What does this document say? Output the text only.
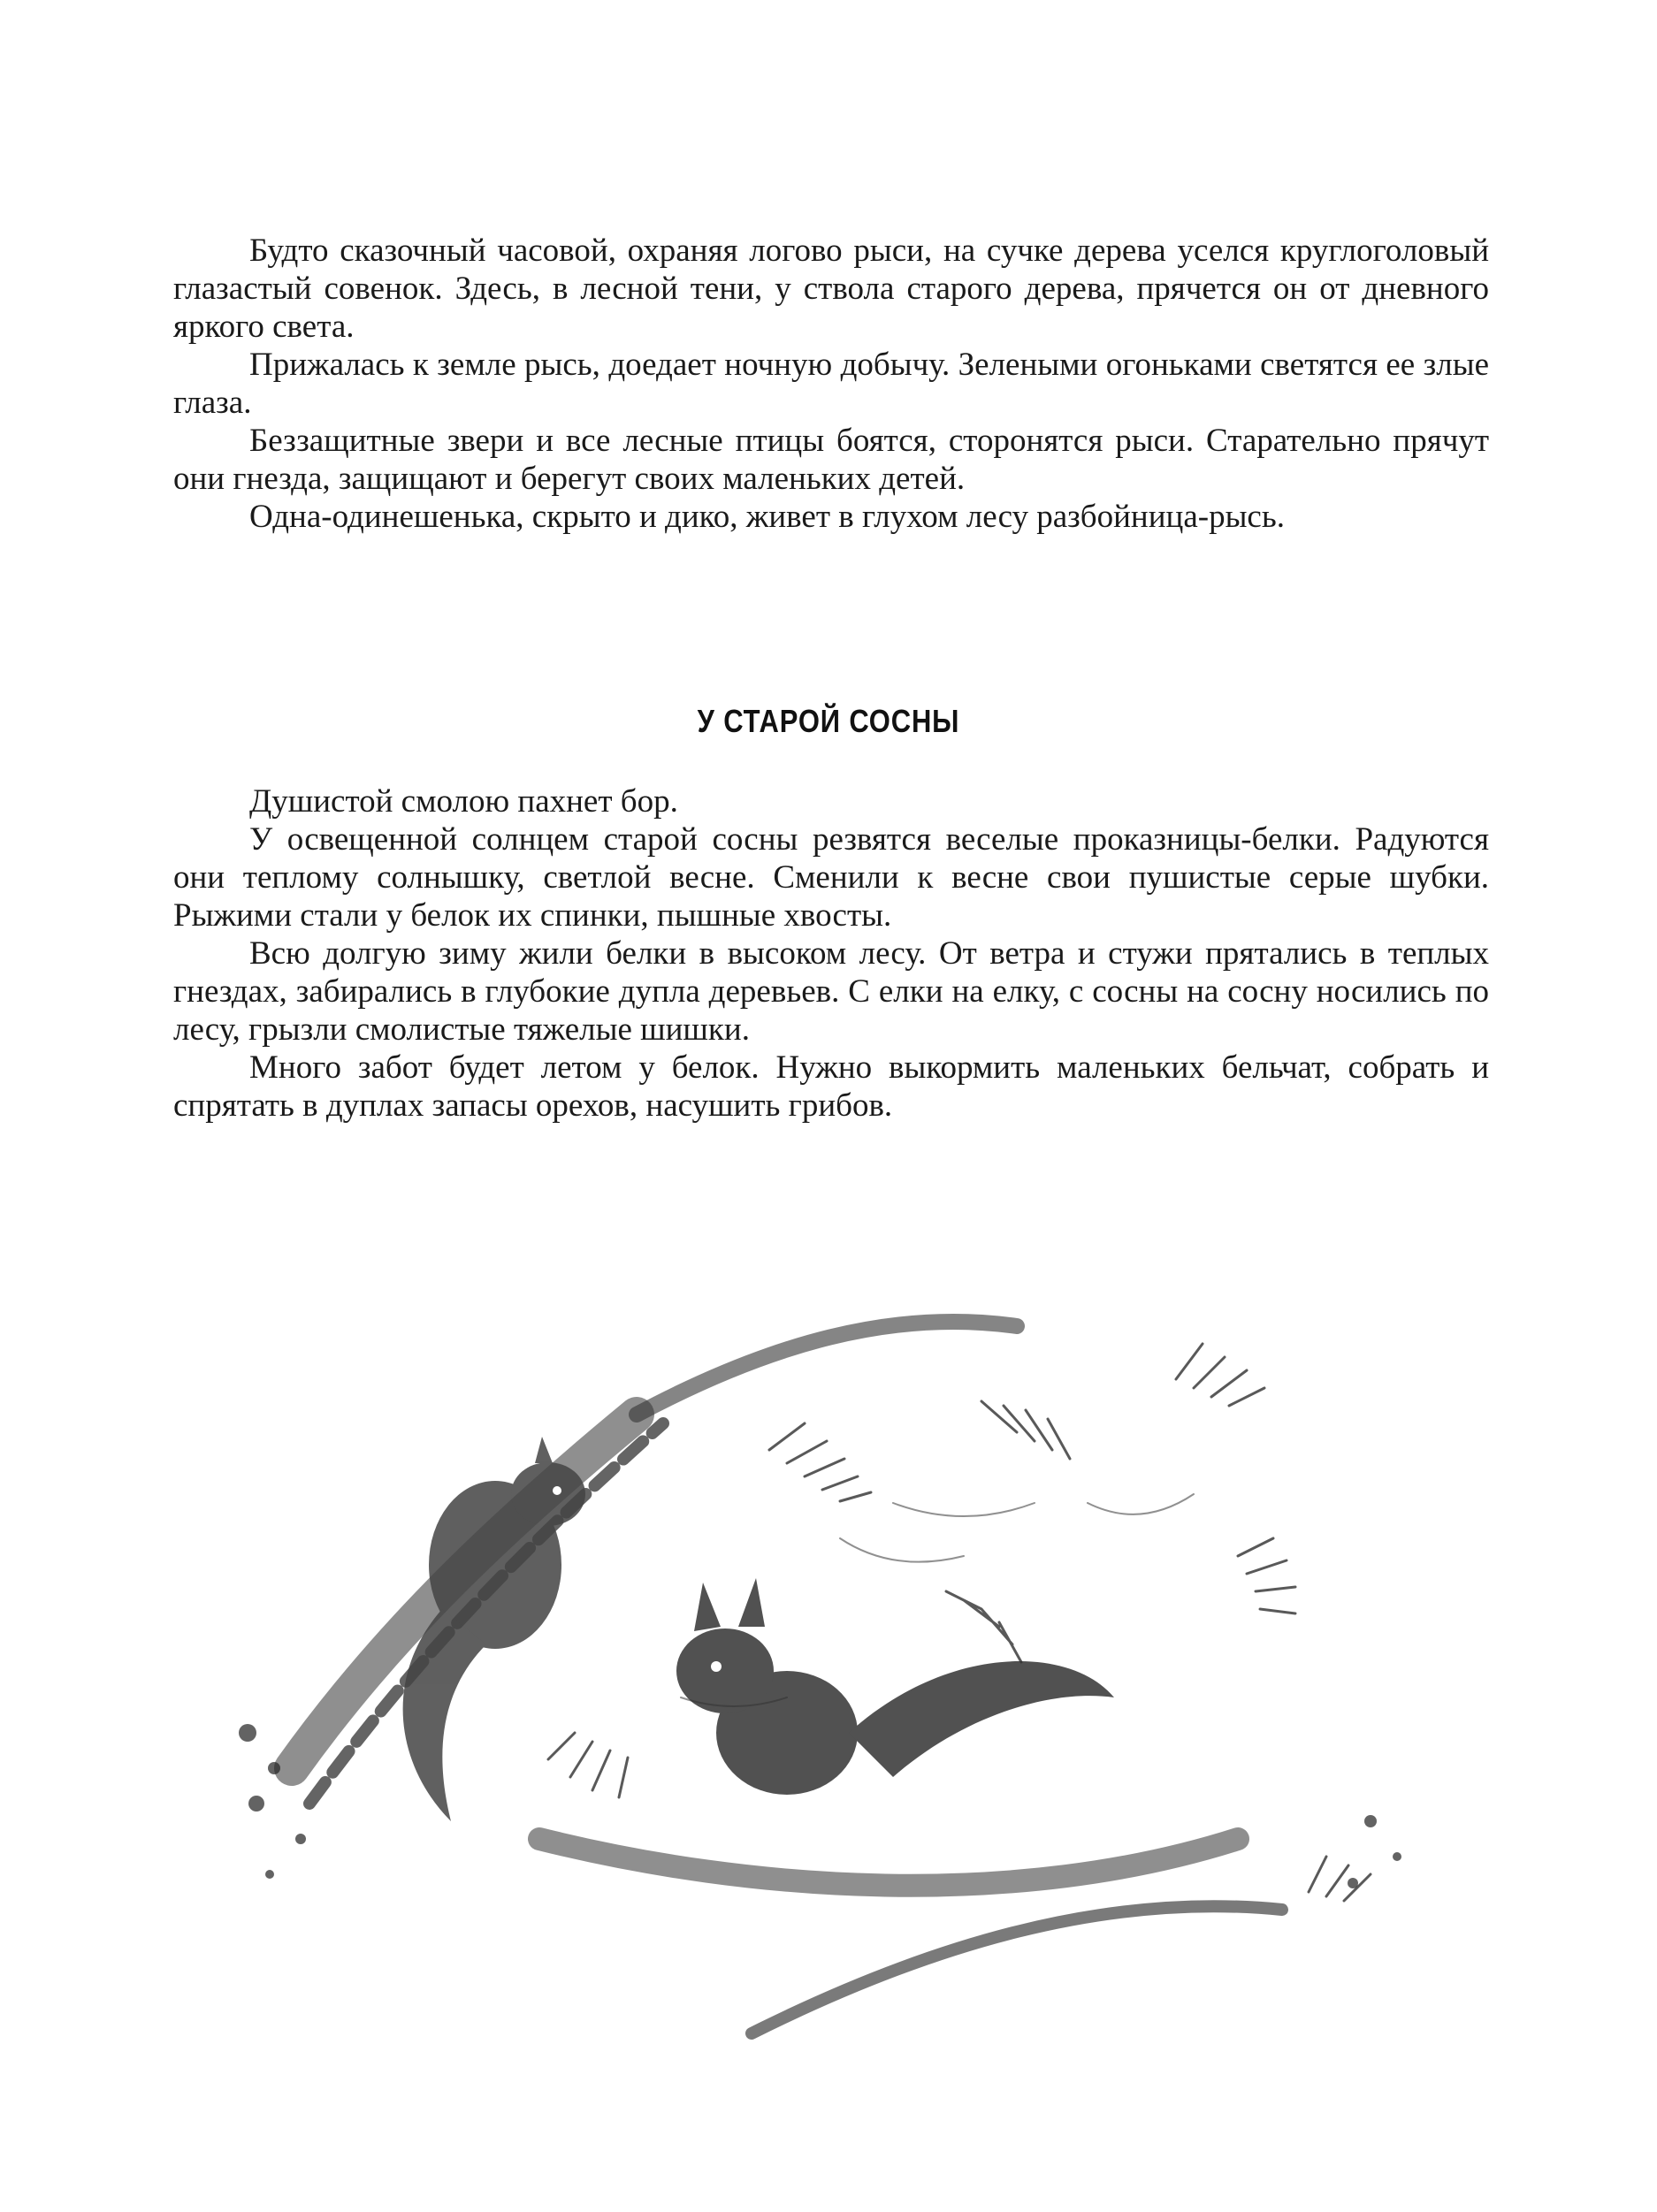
Будто сказочный часовой, охраняя логово рыси, на сучке дерева уселся круглоголовый глазастый совенок. Здесь, в лесной тени, у ствола старого дерева, прячется он от дневного яркого света.

Прижалась к земле рысь, доедает ночную добычу. Зелеными огоньками светятся ее злые глаза.

Беззащитные звери и все лесные птицы боятся, сторонятся рыси. Старательно прячут они гнезда, защищают и берегут своих маленьких детей.

Одна-одинешенька, скрыто и дико, живет в глухом лесу разбойница-рысь.

У СТАРОЙ СОСНЫ

Душистой смолою пахнет бор.

У освещенной солнцем старой сосны резвятся веселые проказницы-белки. Радуются они теплому солнышку, светлой весне. Сменили к весне свои пушистые серые шубки. Рыжими стали у белок их спинки, пышные хвосты.

Всю долгую зиму жили белки в высоком лесу. От ветра и стужи прятались в теплых гнездах, забирались в глубокие дупла деревьев. С елки на елку, с сосны на сосну носились по лесу, грызли смолистые тяжелые шишки.

Много забот будет летом у белок. Нужно выкормить маленьких бельчат, собрать и спрятать в дуплах запасы орехов, насушить грибов.
